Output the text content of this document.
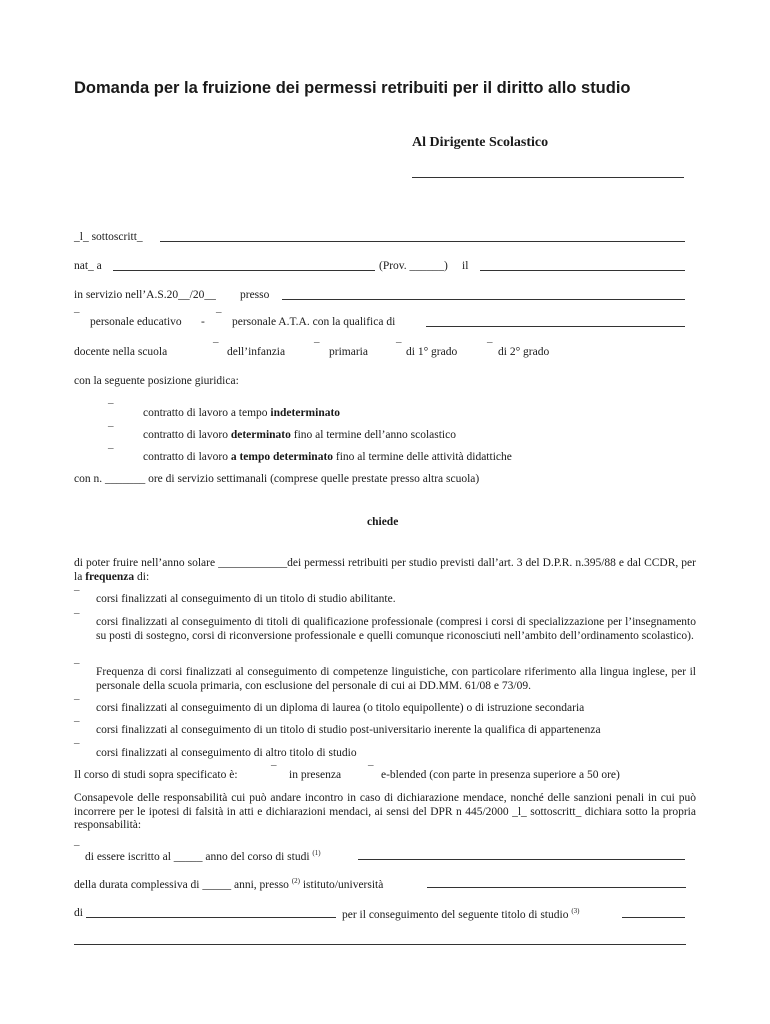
Domanda per la fruizione dei permessi retribuiti per il diritto allo studio
Al Dirigente Scolastico
_l_ sottoscritt_
nat_ a	(Prov. ______) il
in servizio nell’A.S.20__/20__ presso
¯ personale educativo - ¯ personale A.T.A. con la qualifica di
docente nella scuola	¯ dell’infanzia	¯ primaria	¯ di 1° grado	¯ di 2° grado
con la seguente posizione giuridica:
¯	contratto di lavoro a tempo indeterminato
¯	contratto di lavoro determinato fino al termine dell’anno scolastico
¯	contratto di lavoro a tempo determinato fino al termine delle attività didattiche
con n. _______ ore di servizio settimanali (comprese quelle prestate presso altra scuola)
chiede
di poter fruire nell’anno solare ____________dei permessi retribuiti per studio previsti dall’art. 3 del D.P.R. n.395/88 e dal CCDR, per la frequenza di:
¯ corsi finalizzati al conseguimento di un titolo di studio abilitante.
¯ corsi finalizzati al conseguimento di titoli di qualificazione professionale (compresi i corsi di specializzazione per l’insegnamento su posti di sostegno, corsi di riconversione professionale e quelli comunque riconosciuti nell’ambito dell’ordinamento scolastico).
¯ Frequenza di corsi finalizzati al conseguimento di competenze linguistiche, con particolare riferimento alla lingua inglese, per il personale della scuola primaria, con esclusione del personale di cui ai DD.MM. 61/08 e 73/09.
¯ corsi finalizzati al conseguimento di un diploma di laurea (o titolo equipollente) o di istruzione secondaria
¯ corsi finalizzati al conseguimento di un titolo di studio post-universitario inerente la qualifica di appartenenza
¯ corsi finalizzati al conseguimento di altro titolo di studio
Il corso di studi sopra specificato è:	¯ in presenza ¯ e-blended (con parte in presenza superiore a 50 ore)
Consapevole delle responsabilità cui può andare incontro in caso di dichiarazione mendace, nonché delle sanzioni penali in cui può incorrere per le ipotesi di falsità in atti e dichiarazioni mendaci, ai sensi del DPR n 445/2000 _l_ sottoscritt_ dichiara sotto la propria responsabilità:
¯
di essere iscritto al _____ anno del corso di studi $^{(1)}$
della durata complessiva di _____ anni, presso $^{(2)}$ istituto/università
di	per il conseguimento del seguente titolo di studio $^{(3)}$
